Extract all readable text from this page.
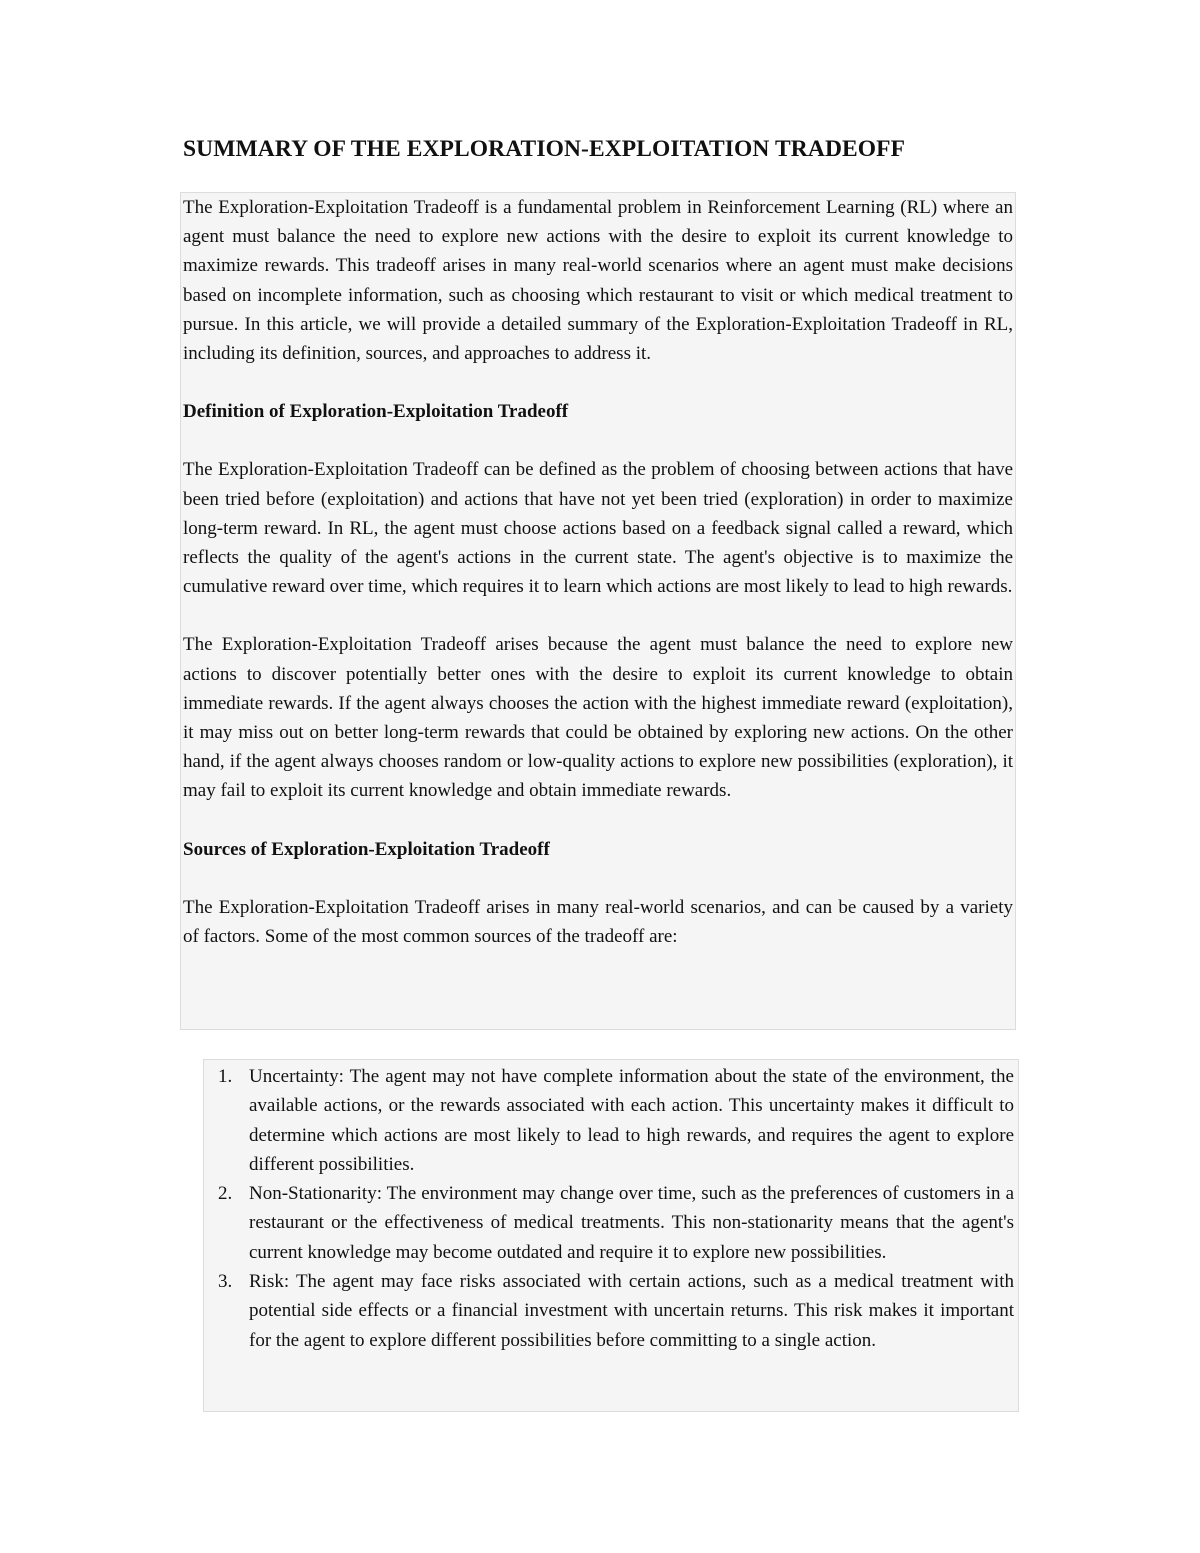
SUMMARY OF THE EXPLORATION-EXPLOITATION TRADEOFF

The Exploration-Exploitation Tradeoff is a fundamental problem in Reinforcement Learning (RL) where an agent must balance the need to explore new actions with the desire to exploit its current knowledge to maximize rewards. This tradeoff arises in many real-world scenarios where an agent must make decisions based on incomplete information, such as choosing which restaurant to visit or which medical treatment to pursue. In this article, we will provide a detailed summary of the Exploration-Exploitation Tradeoff in RL, including its definition, sources, and approaches to address it.

Definition of Exploration-Exploitation Tradeoff

The Exploration-Exploitation Tradeoff can be defined as the problem of choosing between actions that have been tried before (exploitation) and actions that have not yet been tried (exploration) in order to maximize long-term reward. In RL, the agent must choose actions based on a feedback signal called a reward, which reflects the quality of the agent's actions in the current state. The agent's objective is to maximize the cumulative reward over time, which requires it to learn which actions are most likely to lead to high rewards.

The Exploration-Exploitation Tradeoff arises because the agent must balance the need to explore new actions to discover potentially better ones with the desire to exploit its current knowledge to obtain immediate rewards. If the agent always chooses the action with the highest immediate reward (exploitation), it may miss out on better long-term rewards that could be obtained by exploring new actions. On the other hand, if the agent always chooses random or low-quality actions to explore new possibilities (exploration), it may fail to exploit its current knowledge and obtain immediate rewards.

Sources of Exploration-Exploitation Tradeoff

The Exploration-Exploitation Tradeoff arises in many real-world scenarios, and can be caused by a variety of factors. Some of the most common sources of the tradeoff are:

1. Uncertainty: The agent may not have complete information about the state of the environment, the available actions, or the rewards associated with each action. This uncertainty makes it difficult to determine which actions are most likely to lead to high rewards, and requires the agent to explore different possibilities.
2. Non-Stationarity: The environment may change over time, such as the preferences of customers in a restaurant or the effectiveness of medical treatments. This non-stationarity means that the agent's current knowledge may become outdated and require it to explore new possibilities.
3. Risk: The agent may face risks associated with certain actions, such as a medical treatment with potential side effects or a financial investment with uncertain returns. This risk makes it important for the agent to explore different possibilities before committing to a single action.
